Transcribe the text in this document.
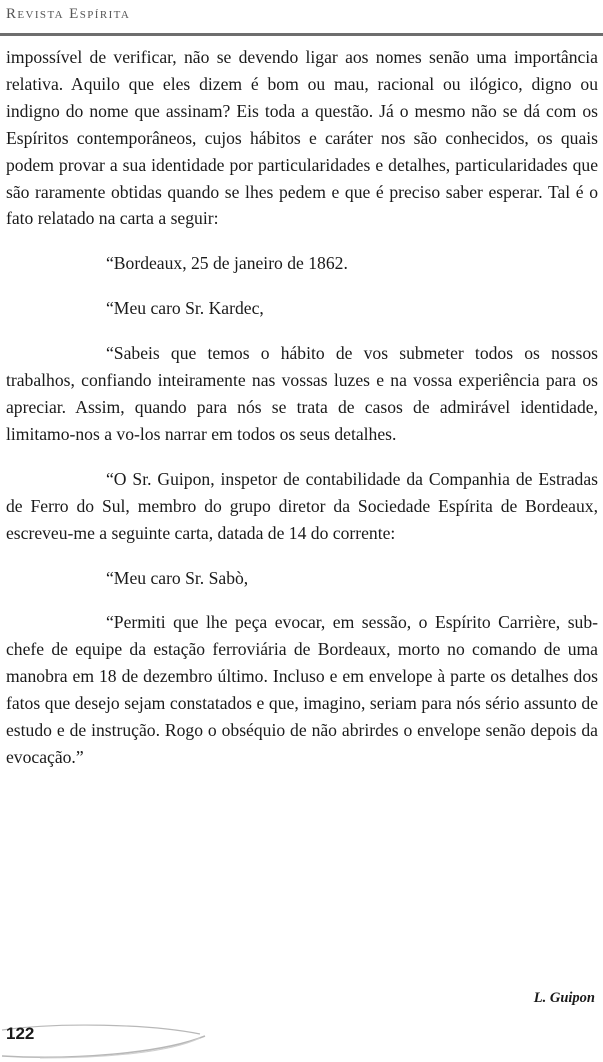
Revista Espírita

impossível de verificar, não se devendo ligar aos nomes senão uma importância relativa. Aquilo que eles dizem é bom ou mau, racional ou ilógico, digno ou indigno do nome que assinam? Eis toda a questão. Já o mesmo não se dá com os Espíritos contemporâneos, cujos hábitos e caráter nos são conhecidos, os quais podem provar a sua identidade por particularidades e detalhes, particularidades que são raramente obtidas quando se lhes pedem e que é preciso saber esperar. Tal é o fato relatado na carta a seguir:

“Bordeaux, 25 de janeiro de 1862.

“Meu caro Sr. Kardec,

“Sabeis que temos o hábito de vos submeter todos os nossos trabalhos, confiando inteiramente nas vossas luzes e na vossa experiência para os apreciar. Assim, quando para nós se trata de casos de admirável identidade, limitamo-nos a vo-los narrar em todos os seus detalhes.

“O Sr. Guipon, inspetor de contabilidade da Companhia de Estradas de Ferro do Sul, membro do grupo diretor da Sociedade Espírita de Bordeaux, escreveu-me a seguinte carta, datada de 14 do corrente:

“Meu caro Sr. Sabò,

“Permiti que lhe peça evocar, em sessão, o Espírito Carrière, sub-chefe de equipe da estação ferroviária de Bordeaux, morto no comando de uma manobra em 18 de dezembro último. Incluso e em envelope à parte os detalhes dos fatos que desejo sejam constatados e que, imagino, seriam para nós sério assunto de estudo e de instrução. Rogo o obséquio de não abrirdes o envelope senão depois da evocação.”

L. Guipon
122
